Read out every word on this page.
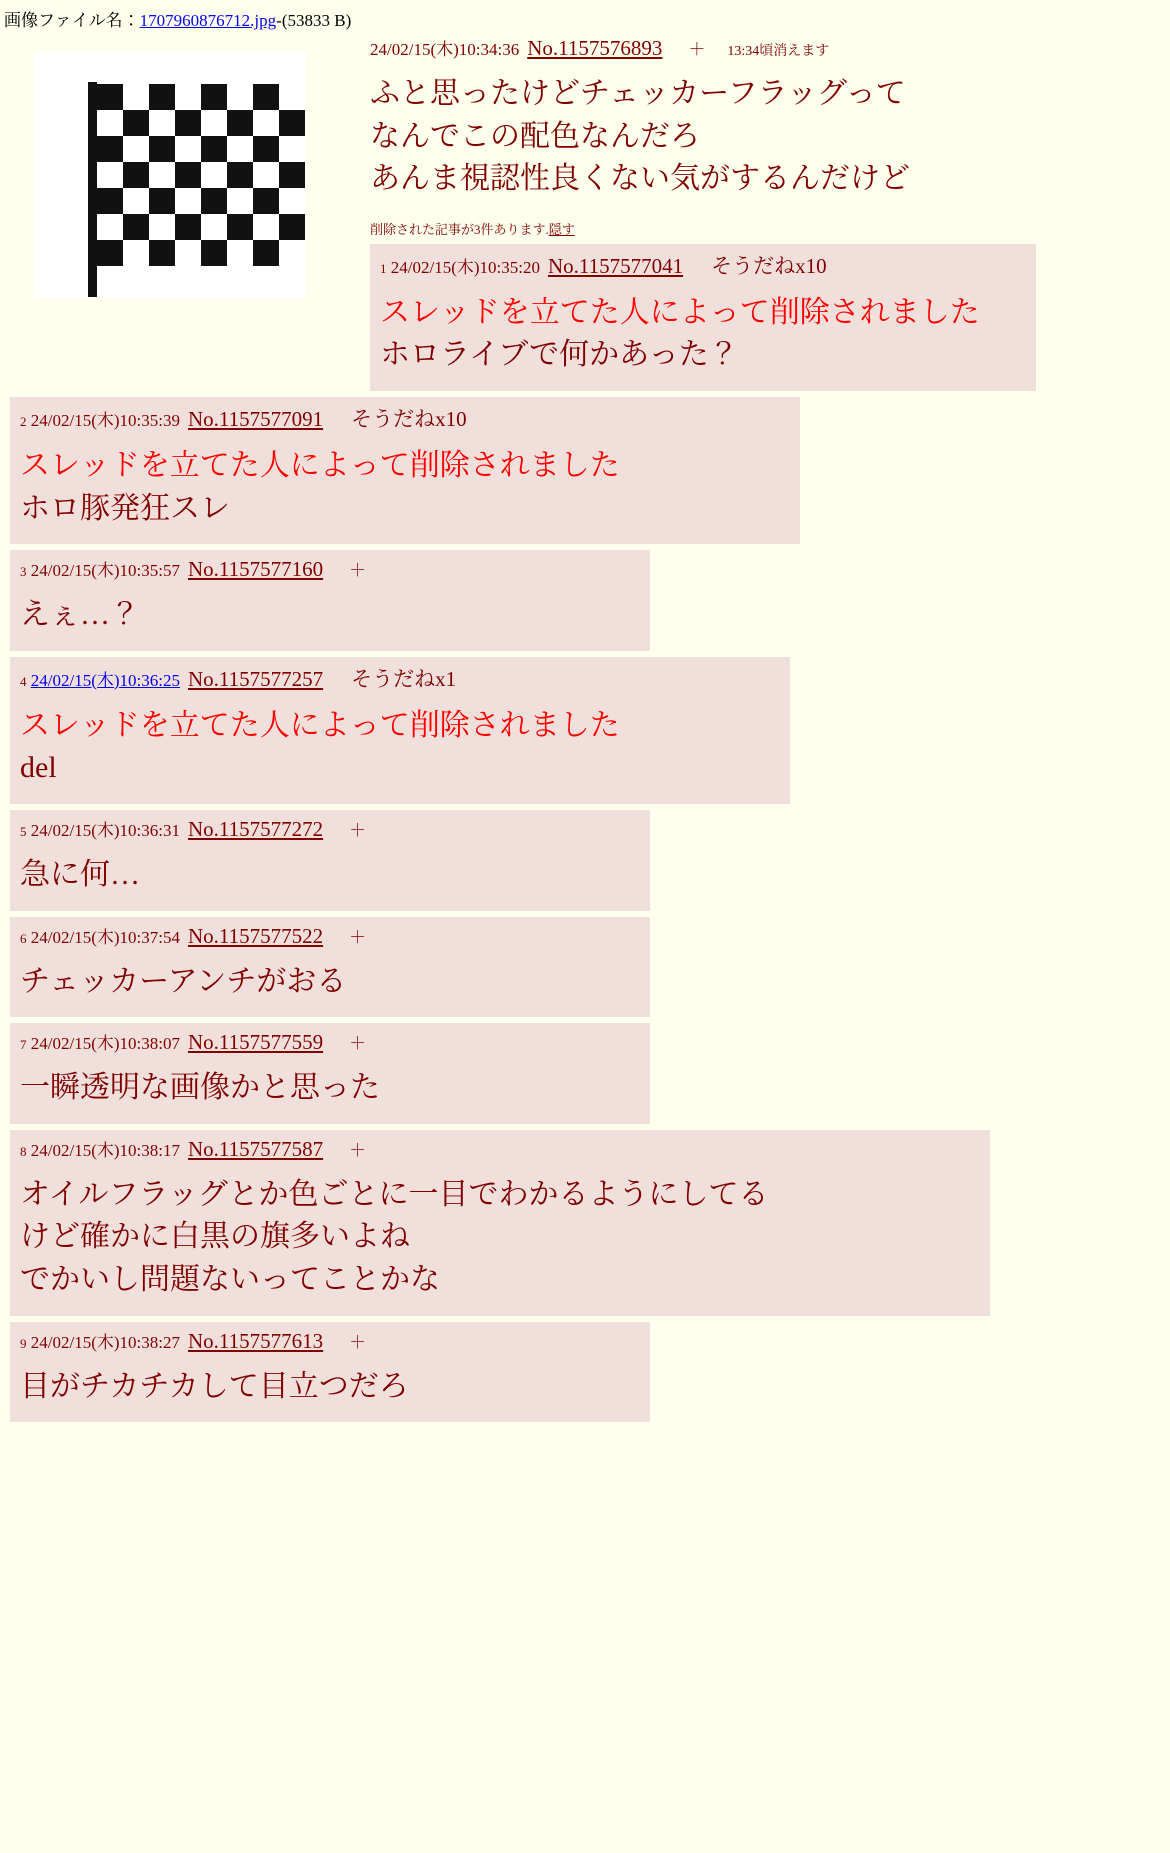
画像ファイル名：1707960876712.jpg-(53833 B)
24/02/15(木)10:34:36 No.1157576893 ＋ 13:34頃消えます
ふと思ったけどチェッカーフラッグって
なんでこの配色なんだろ
あんま視認性良くない気がするんだけど
削除された記事が3件あります.隠す
1 24/02/15(木)10:35:20 No.1157577041 そうだねx10
スレッドを立てた人によって削除されました
ホロライブで何かあった？
2 24/02/15(木)10:35:39 No.1157577091 そうだねx10
スレッドを立てた人によって削除されました
ホロ豚発狂スレ
3 24/02/15(木)10:35:57 No.1157577160 ＋
えぇ…？
4 24/02/15(木)10:36:25 No.1157577257 そうだねx1
スレッドを立てた人によって削除されました
del
5 24/02/15(木)10:36:31 No.1157577272 ＋
急に何…
6 24/02/15(木)10:37:54 No.1157577522 ＋
チェッカーアンチがおる
7 24/02/15(木)10:38:07 No.1157577559 ＋
一瞬透明な画像かと思った
8 24/02/15(木)10:38:17 No.1157577587 ＋
オイルフラッグとか色ごとに一目でわかるようにしてる
けど確かに白黒の旗多いよね
でかいし問題ないってことかな
9 24/02/15(木)10:38:27 No.1157577613 ＋
目がチカチカして目立つだろ
